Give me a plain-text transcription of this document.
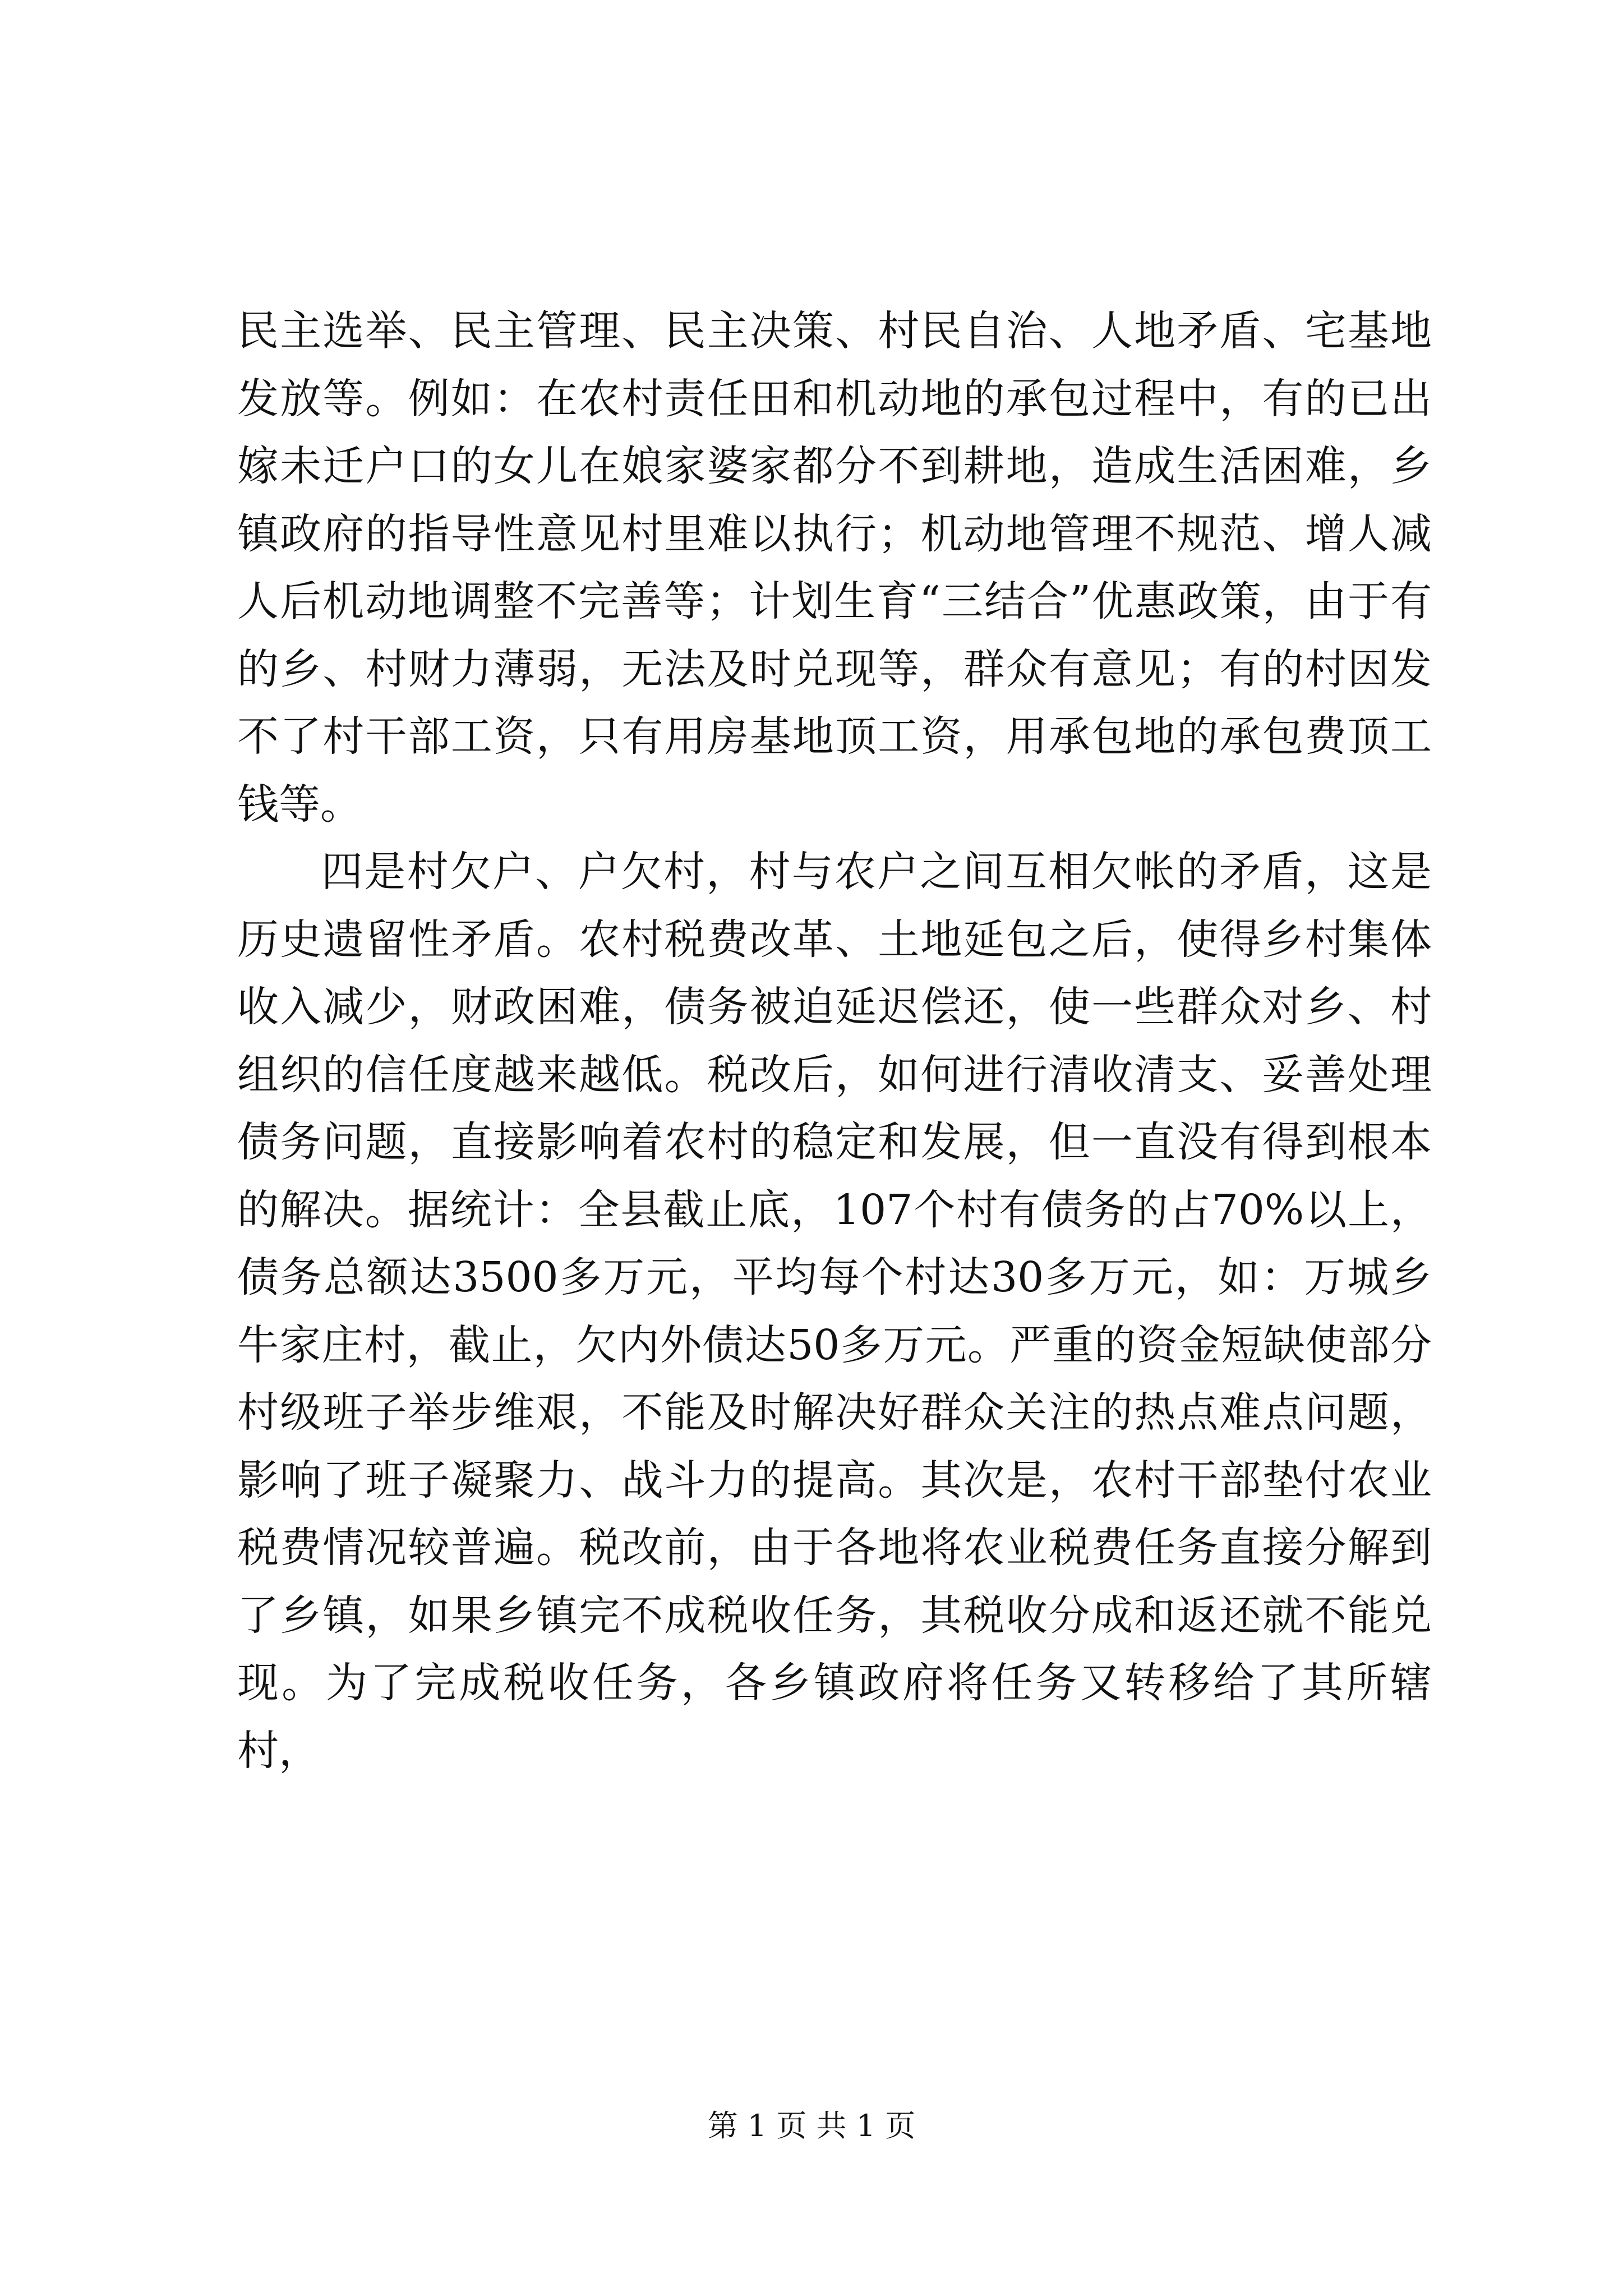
民主选举、民主管理、民主决策、村民自治、人地矛盾、宅基地发放等。例如：在农村责任田和机动地的承包过程中，有的已出嫁未迁户口的女儿在娘家婆家都分不到耕地，造成生活困难，乡镇政府的指导性意见村里难以执行；机动地管理不规范、增人减人后机动地调整不完善等；计划生育“三结合”优惠政策，由于有的乡、村财力薄弱，无法及时兑现等，群众有意见；有的村因发不了村干部工资，只有用房基地顶工资，用承包地的承包费顶工钱等。

四是村欠户、户欠村，村与农户之间互相欠帐的矛盾，这是历史遗留性矛盾。农村税费改革、土地延包之后，使得乡村集体收入减少，财政困难，债务被迫延迟偿还，使一些群众对乡、村组织的信任度越来越低。税改后，如何进行清收清支、妥善处理债务问题，直接影响着农村的稳定和发展，但一直没有得到根本的解决。据统计：全县截止底，107个村有债务的占70%以上，债务总额达3500多万元，平均每个村达30多万元，如：万城乡牛家庄村，截止，欠内外债达50多万元。严重的资金短缺使部分村级班子举步维艰，不能及时解决好群众关注的热点难点问题，影响了班子凝聚力、战斗力的提高。其次是，农村干部垫付农业税费情况较普遍。税改前，由于各地将农业税费任务直接分解到了乡镇，如果乡镇完不成税收任务，其税收分成和返还就不能兑现。为了完成税收任务，各乡镇政府将任务又转移给了其所辖村，

第 1 页 共 1 页
